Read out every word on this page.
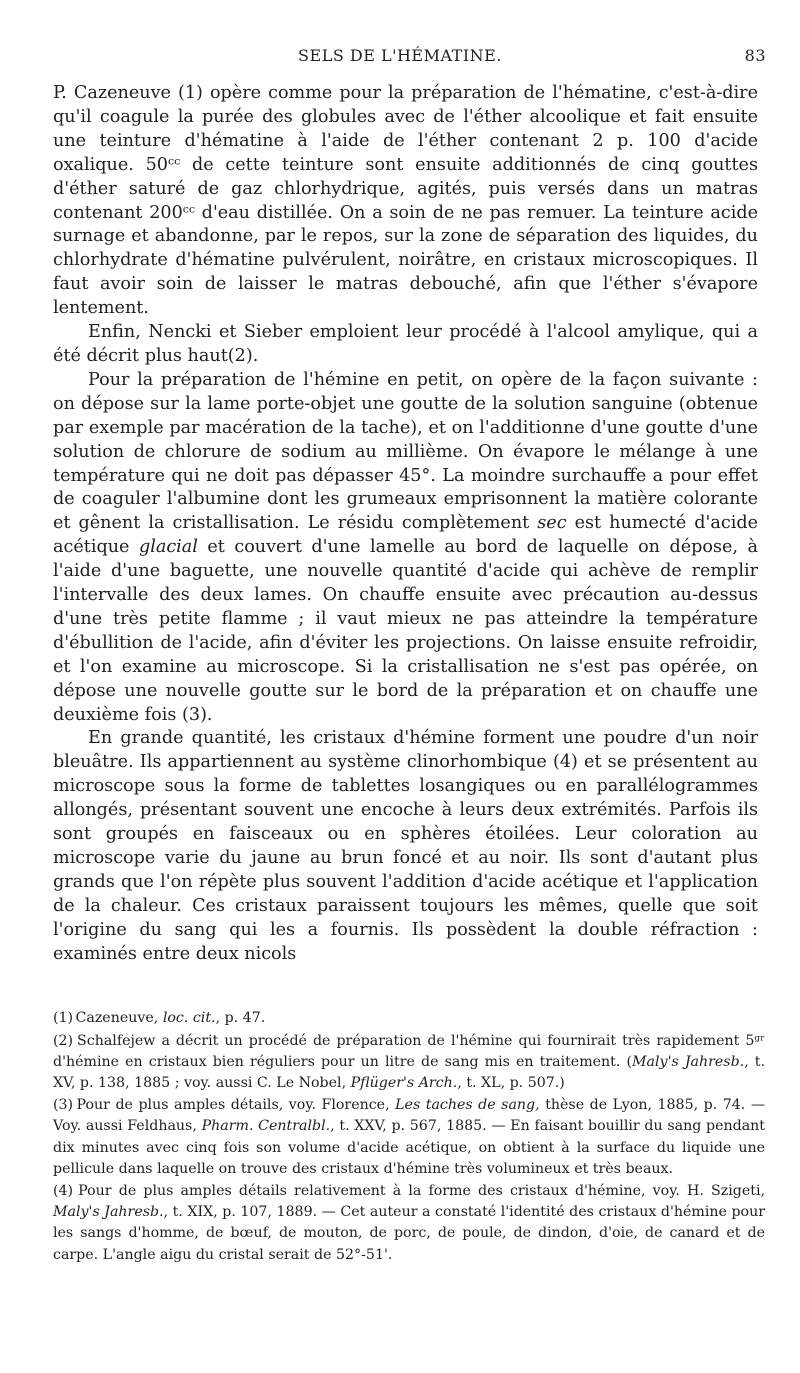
SELS DE L'HÉMATINE.	83

P. Cazeneuve (1) opère comme pour la préparation de l'hématine, c'est-à-dire qu'il coagule la purée des globules avec de l'éther alcoolique et fait ensuite une teinture d'hématine à l'aide de l'éther contenant 2 p. 100 d'acide oxalique. 50ᶜᶜ de cette teinture sont ensuite additionnés de cinq gouttes d'éther saturé de gaz chlorhydrique, agités, puis versés dans un matras contenant 200ᶜᶜ d'eau distillée. On a soin de ne pas remuer. La teinture acide surnage et abandonne, par le repos, sur la zone de séparation des liquides, du chlorhydrate d'hématine pulvérulent, noirâtre, en cristaux microscopiques. Il faut avoir soin de laisser le matras debouché, afin que l'éther s'évapore lentement.

Enfin, Nencki et Sieber emploient leur procédé à l'alcool amylique, qui a été décrit plus haut(2).

Pour la préparation de l'hémine en petit, on opère de la façon suivante : on dépose sur la lame porte-objet une goutte de la solution sanguine (obtenue par exemple par macération de la tache), et on l'additionne d'une goutte d'une solution de chlorure de sodium au millième. On évapore le mélange à une température qui ne doit pas dépasser 45°. La moindre surchauffe a pour effet de coaguler l'albumine dont les grumeaux emprisonnent la matière colorante et gênent la cristallisation. Le résidu complètement sec est humecté d'acide acétique glacial et couvert d'une lamelle au bord de laquelle on dépose, à l'aide d'une baguette, une nouvelle quantité d'acide qui achève de remplir l'intervalle des deux lames. On chauffe ensuite avec précaution au-dessus d'une très petite flamme ; il vaut mieux ne pas atteindre la température d'ébullition de l'acide, afin d'éviter les projections. On laisse ensuite refroidir, et l'on examine au microscope. Si la cristallisation ne s'est pas opérée, on dépose une nouvelle goutte sur le bord de la préparation et on chauffe une deuxième fois (3).

En grande quantité, les cristaux d'hémine forment une poudre d'un noir bleuâtre. Ils appartiennent au système clinorhombique (4) et se présentent au microscope sous la forme de tablettes losangiques ou en parallélogrammes allongés, présentant souvent une encoche à leurs deux extrémités. Parfois ils sont groupés en faisceaux ou en sphères étoilées. Leur coloration au microscope varie du jaune au brun foncé et au noir. Ils sont d'autant plus grands que l'on répète plus souvent l'addition d'acide acétique et l'application de la chaleur. Ces cristaux paraissent toujours les mêmes, quelle que soit l'origine du sang qui les a fournis. Ils possèdent la double réfraction : examinés entre deux nicols

(1) Cazeneuve, loc. cit., p. 47.

(2) Schalfejew a décrit un procédé de préparation de l'hémine qui fournirait très rapidement 5ᵍʳ d'hémine en cristaux bien réguliers pour un litre de sang mis en traitement. (Maly's Jahresb., t. XV, p. 138, 1885 ; voy. aussi C. Le Nobel, Pflüger's Arch., t. XL, p. 507.)

(3) Pour de plus amples détails, voy. Florence, Les taches de sang, thèse de Lyon, 1885, p. 74. — Voy. aussi Feldhaus, Pharm. Centralbl., t. XXV, p. 567, 1885. — En faisant bouillir du sang pendant dix minutes avec cinq fois son volume d'acide acétique, on obtient à la surface du liquide une pellicule dans laquelle on trouve des cristaux d'hémine très volumineux et très beaux.

(4) Pour de plus amples détails relativement à la forme des cristaux d'hémine, voy. H. Szigeti, Maly's Jahresb., t. XIX, p. 107, 1889. — Cet auteur a constaté l'identité des cristaux d'hémine pour les sangs d'homme, de bœuf, de mouton, de porc, de poule, de dindon, d'oie, de canard et de carpe. L'angle aigu du cristal serait de 52°-51'.
